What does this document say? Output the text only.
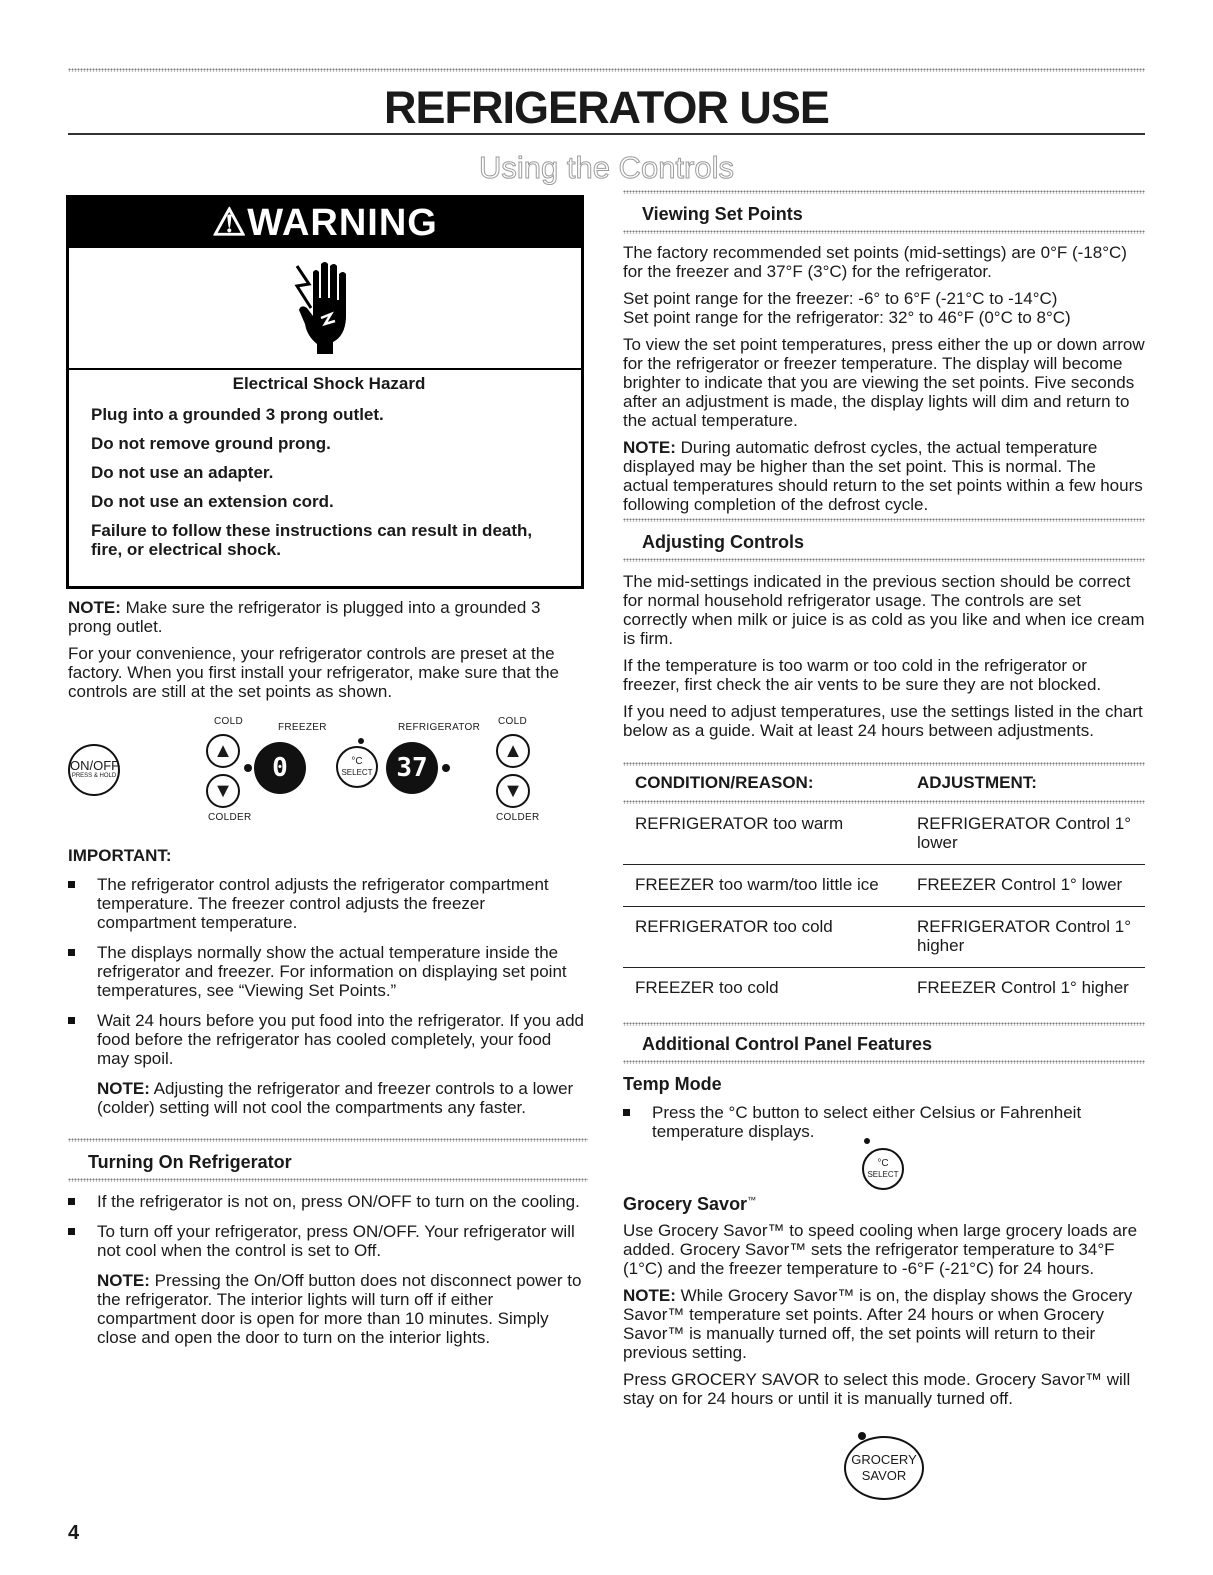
REFRIGERATOR USE
Using the Controls
⚠WARNING
Electrical Shock Hazard
Plug into a grounded 3 prong outlet.
Do not remove ground prong.
Do not use an adapter.
Do not use an extension cord.
Failure to follow these instructions can result in death, fire, or electrical shock.

NOTE: Make sure the refrigerator is plugged into a grounded 3 prong outlet.

For your convenience, your refrigerator controls are preset at the factory. When you first install your refrigerator, make sure that the controls are still at the set points as shown.

COLD
FREEZER	REFRIGERATOR
COLD
ON/OFF
PRESS & HOLD
▲
▼
0	°C
SELECT 37
▲
▼
COLDER	COLDER
IMPORTANT:
The refrigerator control adjusts the refrigerator compartment temperature. The freezer control adjusts the freezer compartment temperature.
The displays normally show the actual temperature inside the refrigerator and freezer. For information on displaying set point temperatures, see “Viewing Set Points.”
Wait 24 hours before you put food into the refrigerator. If you add food before the refrigerator has cooled completely, your food may spoil.

NOTE: Adjusting the refrigerator and freezer controls to a lower (colder) setting will not cool the compartments any faster.

Turning On Refrigerator
If the refrigerator is not on, press ON/OFF to turn on the cooling.
To turn off your refrigerator, press ON/OFF. Your refrigerator will not cool when the control is set to Off.

NOTE: Pressing the On/Off button does not disconnect power to the refrigerator. The interior lights will turn off if either compartment door is open for more than 10 minutes. Simply close and open the door to turn on the interior lights.

Viewing Set Points

The factory recommended set points (mid-settings) are 0°F (-18°C) for the freezer and 37°F (3°C) for the refrigerator.

Set point range for the freezer: -6° to 6°F (-21°C to -14°C)

Set point range for the refrigerator: 32° to 46°F (0°C to 8°C)

To view the set point temperatures, press either the up or down arrow for the refrigerator or freezer temperature. The display will become brighter to indicate that you are viewing the set points. Five seconds after an adjustment is made, the display lights will dim and return to the actual temperature.

NOTE: During automatic defrost cycles, the actual temperature displayed may be higher than the set point. This is normal. The actual temperatures should return to the set points within a few hours following completion of the defrost cycle.

Adjusting Controls

The mid-settings indicated in the previous section should be correct for normal household refrigerator usage. The controls are set correctly when milk or juice is as cold as you like and when ice cream is firm.

If the temperature is too warm or too cold in the refrigerator or freezer, first check the air vents to be sure they are not blocked.

If you need to adjust temperatures, use the settings listed in the chart below as a guide. Wait at least 24 hours between adjustments.

CONDITION/REASON:	ADJUSTMENT:
REFRIGERATOR too warm	REFRIGERATOR Control 1° lower
FREEZER too warm/too little ice	FREEZER Control 1° lower
REFRIGERATOR too cold	REFRIGERATOR Control 1° higher
FREEZER too cold	FREEZER Control 1° higher
Additional Control Panel Features
Temp Mode
Press the °C button to select either Celsius or Fahrenheit temperature displays.
°C
SELECT
Grocery Savor™

Use Grocery Savor™ to speed cooling when large grocery loads are added. Grocery Savor™ sets the refrigerator temperature to 34°F (1°C) and the freezer temperature to -6°F (-21°C) for 24 hours.

NOTE: While Grocery Savor™ is on, the display shows the Grocery Savor™ temperature set points. After 24 hours or when Grocery Savor™ is manually turned off, the set points will return to their previous setting.

Press GROCERY SAVOR to select this mode. Grocery Savor™ will stay on for 24 hours or until it is manually turned off.

GROCERY
SAVOR
4
